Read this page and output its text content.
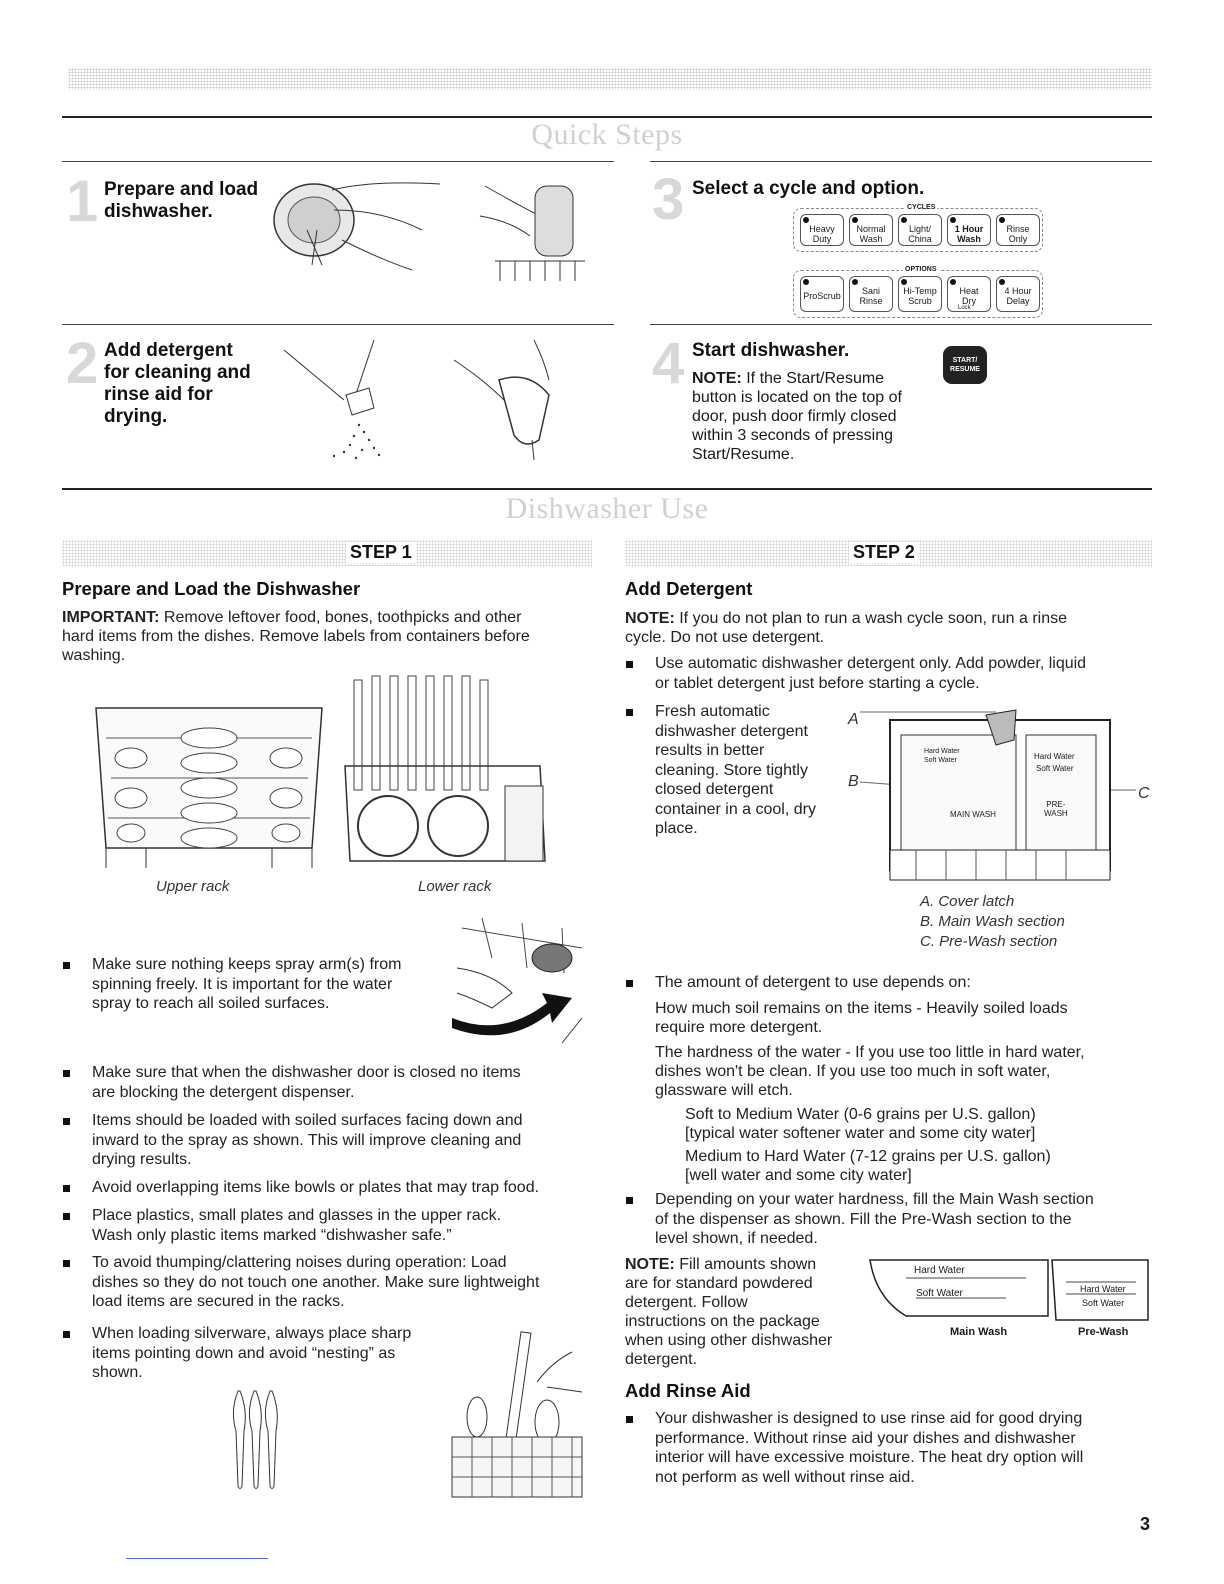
Quick Steps
1 Prepare and load
dishwasher.	3 Select a cycle and option.
CYCLES
Heavy
Duty
Normal
Wash
Light/
China
1 Hour
Wash
Rinse
Only
OPTIONS
ProScrub	Sani
Rinse
Hi-Temp
Scrub
Heat
Dry
Lock
4 Hour
Delay
2 Add detergent
for cleaning and
rinse aid for
drying.
4 Start dishwasher.
NOTE: If the Start/Resume
button is located on the top of
door, push door firmly closed
within 3 seconds of pressing
Start/Resume.
START/
RESUME
Dishwasher Use
STEP 1
Prepare and Load the Dishwasher
IMPORTANT: Remove leftover food, bones, toothpicks and other
hard items from the dishes. Remove labels from containers before
washing.
Upper rack	Lower rack
Make sure nothing keeps spray arm(s) from
spinning freely. It is important for the water
spray to reach all soiled surfaces.
Make sure that when the dishwasher door is closed no items
are blocking the detergent dispenser.
Items should be loaded with soiled surfaces facing down and
inward to the spray as shown. This will improve cleaning and
drying results.
Avoid overlapping items like bowls or plates that may trap food.
Place plastics, small plates and glasses in the upper rack.
Wash only plastic items marked “dishwasher safe.”
To avoid thumping/clattering noises during operation: Load
dishes so they do not touch one another. Make sure lightweight
load items are secured in the racks.
When loading silverware, always place sharp
items pointing down and avoid “nesting” as
shown.
STEP 2
Add Detergent
NOTE: If you do not plan to run a wash cycle soon, run a rinse
cycle. Do not use detergent.
Use automatic dishwasher detergent only. Add powder, liquid
or tablet detergent just before starting a cycle.
Fresh automatic
dishwasher detergent
results in better
cleaning. Store tightly
closed detergent
container in a cool, dry
place.
A
B
C
Hard Water
Soft Water	Hard Water
Soft Water
MAIN WASH
PRE-
WASH
A. Cover latch
B. Main Wash section
C. Pre-Wash section
The amount of detergent to use depends on:
How much soil remains on the items - Heavily soiled loads
require more detergent.
The hardness of the water - If you use too little in hard water,
dishes won't be clean. If you use too much in soft water,
glassware will etch.
Soft to Medium Water (0-6 grains per U.S. gallon)
[typical water softener water and some city water]
Medium to Hard Water (7-12 grains per U.S. gallon)
[well water and some city water]
Depending on your water hardness, fill the Main Wash section
of the dispenser as shown. Fill the Pre-Wash section to the
level shown, if needed.
NOTE: Fill amounts shown
are for standard powdered
detergent. Follow
instructions on the package
when using other dishwasher
detergent.
Hard Water
Soft Water	Hard Water
Soft Water
Main Wash	Pre-Wash
Add Rinse Aid
Your dishwasher is designed to use rinse aid for good drying
performance. Without rinse aid your dishes and dishwasher
interior will have excessive moisture. The heat dry option will
not perform as well without rinse aid.
3
